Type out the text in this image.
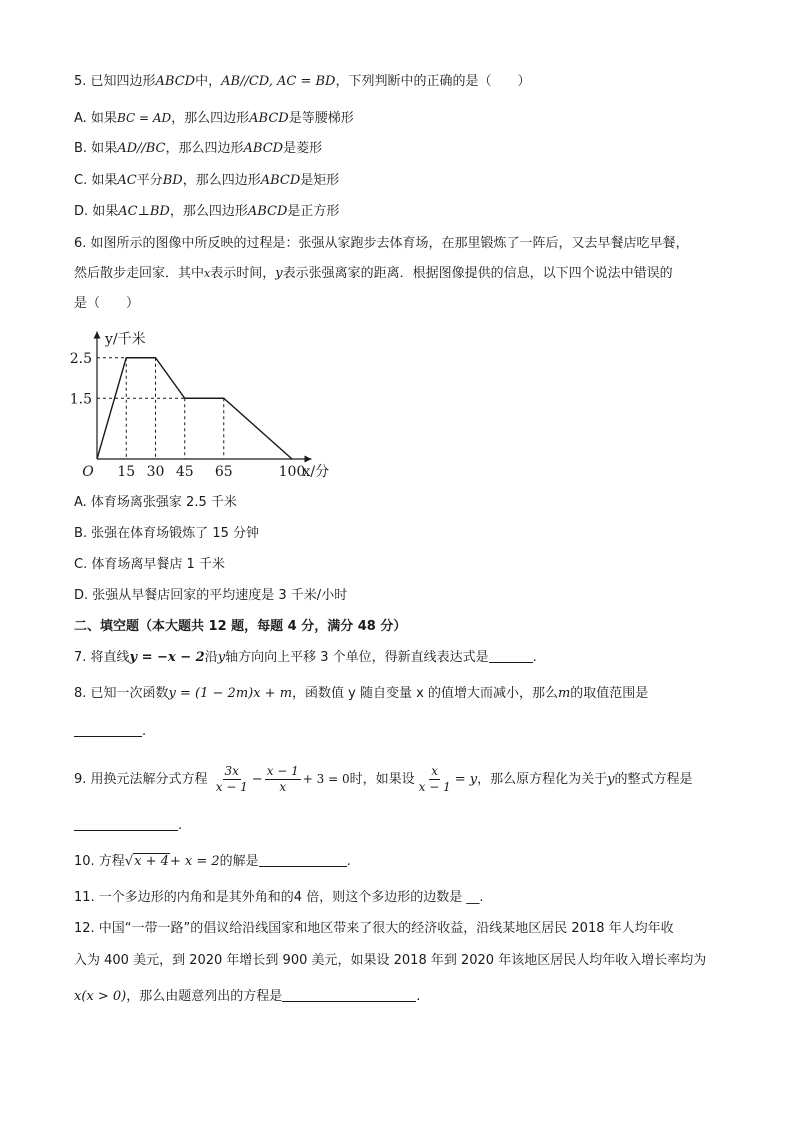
5. 已知四边形ABCD中，AB//CD, AC = BD，下列判断中的正确的是（　　）
A. 如果BC = AD，那么四边形ABCD是等腰梯形
B. 如果AD//BC，那么四边形ABCD是菱形
C. 如果AC平分BD，那么四边形ABCD是矩形
D. 如果AC⊥BD，那么四边形ABCD是正方形
6. 如图所示的图像中所反映的过程是：张强从家跑步去体育场，在那里锻炼了一阵后，又去早餐店吃早餐，
然后散步走回家．其中x表示时间，y表示张强离家的距离．根据图像提供的信息，以下四个说法中错误的
是（　　）
15 30 45 65	100
2.5
1.5
O
y/千米
x/分
A. 体育场离张强家 2.5 千米
B. 张强在体育场锻炼了 15 分钟
C. 体育场离早餐店 1 千米
D. 张强从早餐店回家的平均速度是 3 千米/小时
二、填空题（本大题共 12 题，每题 4 分，满分 48 分）
7. 将直线y = −x − 2沿y轴方向向上平移 3 个单位，得新直线表达式是	.
8. 已知一次函数y = (1 − 2m)x + m，函数值 y 随自变量 x 的值增大而减小，那么m的取值范围是
.
9. 用换元法解分式方程 $\frac{3x}{x - 1} - \frac{x - 1}{x} + 3 = 0$时，如果设 $\frac{x}{x - 1} = y$，那么原方程化为关于y的整式方程是
.
10. 方程√x + 4+ x = 2的解是	.
11. 一个多边形的内角和是其外角和的4 倍，则这个多边形的边数是 __.
12. 中国“一带一路”的倡议给沿线国家和地区带来了很大的经济收益，沿线某地区居民 2018 年人均年收
入为 400 美元，到 2020 年增长到 900 美元，如果设 2018 年到 2020 年该地区居民人均年收入增长率均为
x(x > 0)，那么由题意列出的方程是	.
